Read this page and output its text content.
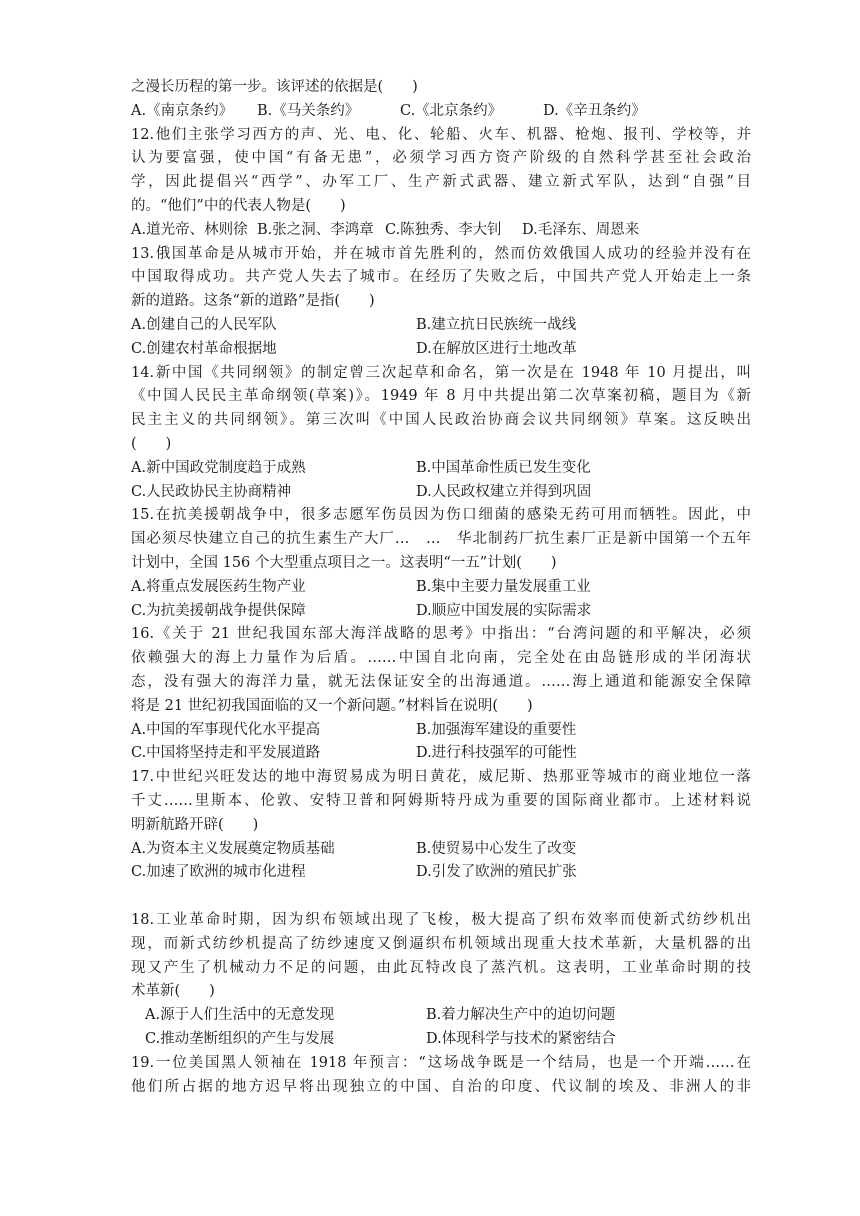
之漫长历程的第一步。该评述的依据是(　　)
A.《南京条约》	B.《马关条约》	C.《北京条约》	D.《辛丑条约》
12.他们主张学习西方的声、光、电、化、轮船、火车、机器、枪炮、报刊、学校等，并
认为要富强，使中国“有备无患”，必须学习西方资产阶级的自然科学甚至社会政治
学，因此提倡兴“西学”、办军工厂、生产新式武器、建立新式军队，达到“自强”目
的。“他们”中的代表人物是(　　)
A.道光帝、林则徐 B.张之洞、李鸿章 C.陈独秀、李大钊	D.毛泽东、周恩来
13.俄国革命是从城市开始，并在城市首先胜利的，然而仿效俄国人成功的经验并没有在
中国取得成功。共产党人失去了城市。在经历了失败之后，中国共产党人开始走上一条
新的道路。这条“新的道路”是指(　　)
A.创建自己的人民军队	B.建立抗日民族统一战线
C.创建农村革命根据地	D.在解放区进行土地改革
14.新中国《共同纲领》的制定曾三次起草和命名，第一次是在 1948 年 10 月提出，叫
《中国人民民主革命纲领(草案)》。1949 年 8 月中共提出第二次草案初稿，题目为《新
民主主义的共同纲领》。第三次叫《中国人民政治协商会议共同纲领》草案。这反映出
(　　)
A.新中国政党制度趋于成熟	B.中国革命性质已发生变化
C.人民政协民主协商精神	D.人民政权建立并得到巩固
15.在抗美援朝战争中，很多志愿军伤员因为伤口细菌的感染无药可用而牺牲。因此，中
国必须尽快建立自己的抗生素生产大厂…　…　华北制药厂抗生素厂正是新中国第一个五年
计划中，全国 156 个大型重点项目之一。这表明“一五”计划(　　)
A.将重点发展医药生物产业	B.集中主要力量发展重工业
C.为抗美援朝战争提供保障	D.顺应中国发展的实际需求
16.《关于 21 世纪我国东部大海洋战略的思考》中指出：“台湾问题的和平解决，必须
依赖强大的海上力量作为后盾。……中国自北向南，完全处在由岛链形成的半闭海状
态，没有强大的海洋力量，就无法保证安全的出海通道。……海上通道和能源安全保障
将是 21 世纪初我国面临的又一个新问题。”材料旨在说明(　　)
A.中国的军事现代化水平提高	B.加强海军建设的重要性
C.中国将坚持走和平发展道路	D.进行科技强军的可能性
17.中世纪兴旺发达的地中海贸易成为明日黄花，威尼斯、热那亚等城市的商业地位一落
千丈……里斯本、伦敦、安特卫普和阿姆斯特丹成为重要的国际商业都市。上述材料说
明新航路开辟(　　)
A.为资本主义发展奠定物质基础	B.使贸易中心发生了改变
C.加速了欧洲的城市化进程	D.引发了欧洲的殖民扩张
18.工业革命时期，因为织布领域出现了飞梭，极大提高了织布效率而使新式纺纱机出
现，而新式纺纱机提高了纺纱速度又倒逼织布机领域出现重大技术革新，大量机器的出
现又产生了机械动力不足的问题，由此瓦特改良了蒸汽机。这表明，工业革命时期的技
术革新(　　)
A.源于人们生活中的无意发现	B.着力解决生产中的迫切问题
C.推动垄断组织的产生与发展	D.体现科学与技术的紧密结合
19.一位美国黑人领袖在 1918 年预言：“这场战争既是一个结局，也是一个开端……在
他们所占据的地方迟早将出现独立的中国、自治的印度、代议制的埃及、非洲人的非
